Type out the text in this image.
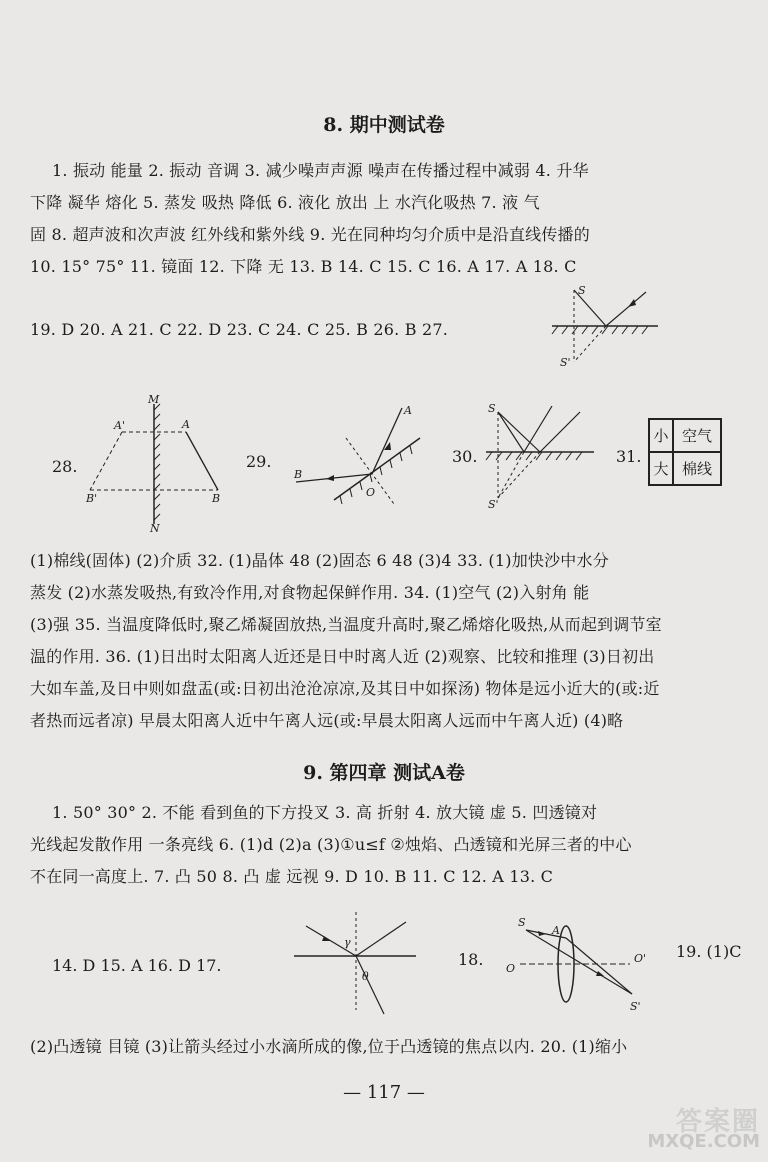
8. 期中测试卷
1. 振动 能量 2. 振动 音调 3. 减少噪声声源 噪声在传播过程中减弱 4. 升华
下降 凝华 熔化 5. 蒸发 吸热 降低 6. 液化 放出 上 水汽化吸热 7. 液 气
固 8. 超声波和次声波 红外线和紫外线 9. 光在同种均匀介质中是沿直线传播的
10. 15° 75° 11. 镜面 12. 下降 无 13. B 14. C 15. C 16. A 17. A 18. C
19. D 20. A 21. C 22. D 23. C 24. C 25. B 26. B 27.
S
S'
28.
M
A'	A
B'	B
N
29.
A
B
O
30.
S
S'
31.
小 空气
大 棉线
(1)棉线(固体) (2)介质 32. (1)晶体 48 (2)固态 6 48 (3)4 33. (1)加快沙中水分
蒸发 (2)水蒸发吸热,有致冷作用,对食物起保鲜作用. 34. (1)空气 (2)入射角 能
(3)强 35. 当温度降低时,聚乙烯凝固放热,当温度升高时,聚乙烯熔化吸热,从而起到调节室
温的作用. 36. (1)日出时太阳离人近还是日中时离人近 (2)观察、比较和推理 (3)日初出
大如车盖,及日中则如盘盂(或:日初出沧沧凉凉,及其日中如探汤) 物体是远小近大的(或:近
者热而远者凉) 早晨太阳离人近中午离人远(或:早晨太阳离人远而中午离人近) (4)略
9. 第四章 测试A卷
1. 50° 30° 2. 不能 看到鱼的下方投叉 3. 高 折射 4. 放大镜 虚 5. 凹透镜对
光线起发散作用 一条亮线 6. (1)d (2)a (3)①u≤f ②烛焰、凸透镜和光屏三者的中心
不在同一高度上. 7. 凸 50 8. 凸 虚 远视 9. D 10. B 11. C 12. A 13. C
14. D 15. A 16. D 17.
γ
θ
18.
S
A
O
O'
S'
19. (1)C
(2)凸透镜 目镜 (3)让箭头经过小水滴所成的像,位于凸透镜的焦点以内. 20. (1)缩小
— 117 —
答案圈
MXQE.COM
